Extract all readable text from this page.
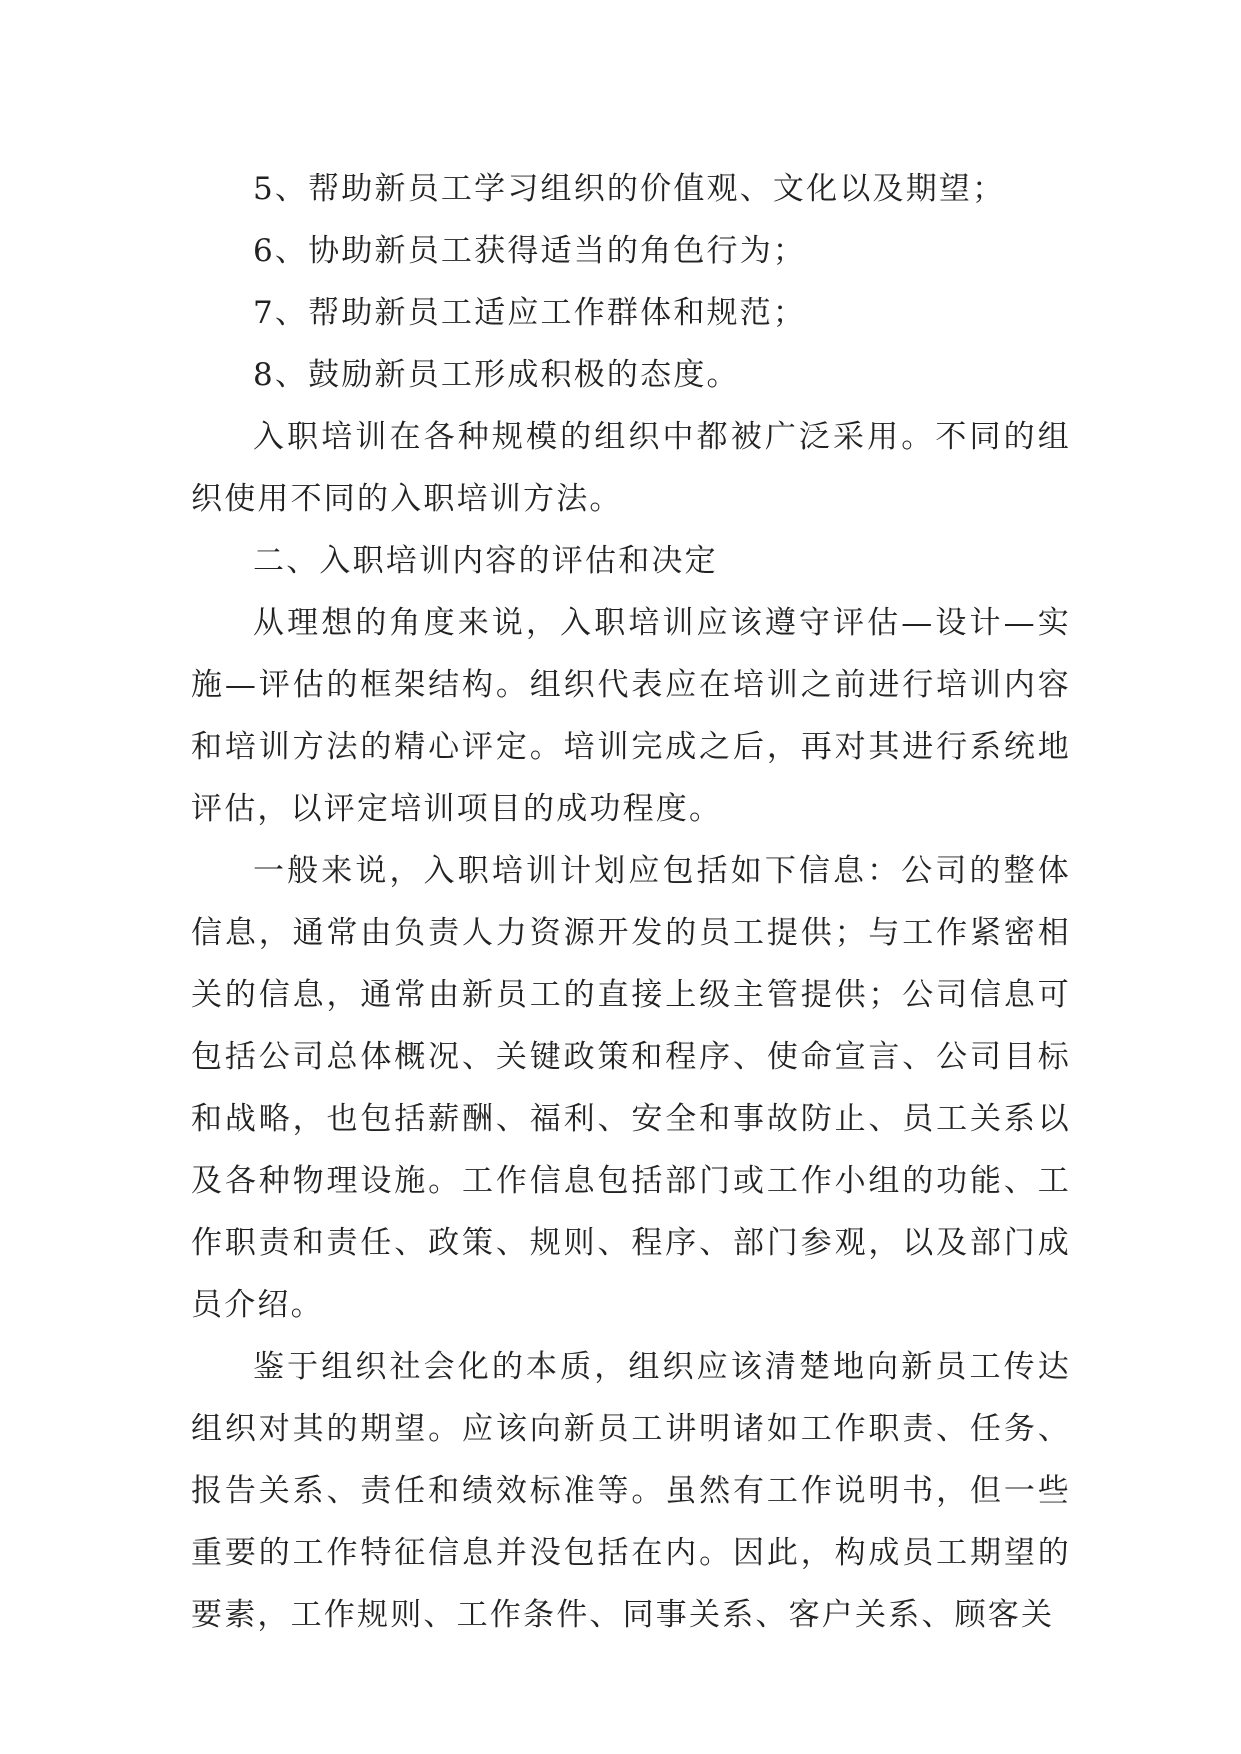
5、帮助新员工学习组织的价值观、文化以及期望；

6、协助新员工获得适当的角色行为；

7、帮助新员工适应工作群体和规范；

8、鼓励新员工形成积极的态度。

入职培训在各种规模的组织中都被广泛采用。不同的组织使用不同的入职培训方法。

二、入职培训内容的评估和决定

从理想的角度来说，入职培训应该遵守评估—设计—实施—评估的框架结构。组织代表应在培训之前进行培训内容和培训方法的精心评定。培训完成之后，再对其进行系统地评估，以评定培训项目的成功程度。

一般来说，入职培训计划应包括如下信息：公司的整体信息，通常由负责人力资源开发的员工提供；与工作紧密相关的信息，通常由新员工的直接上级主管提供；公司信息可包括公司总体概况、关键政策和程序、使命宣言、公司目标和战略，也包括薪酬、福利、安全和事故防止、员工关系以及各种物理设施。工作信息包括部门或工作小组的功能、工作职责和责任、政策、规则、程序、部门参观，以及部门成员介绍。

鉴于组织社会化的本质，组织应该清楚地向新员工传达组织对其的期望。应该向新员工讲明诸如工作职责、任务、报告关系、责任和绩效标准等。虽然有工作说明书，但一些重要的工作特征信息并没包括在内。因此，构成员工期望的要素，工作规则、工作条件、同事关系、客户关系、顾客关
